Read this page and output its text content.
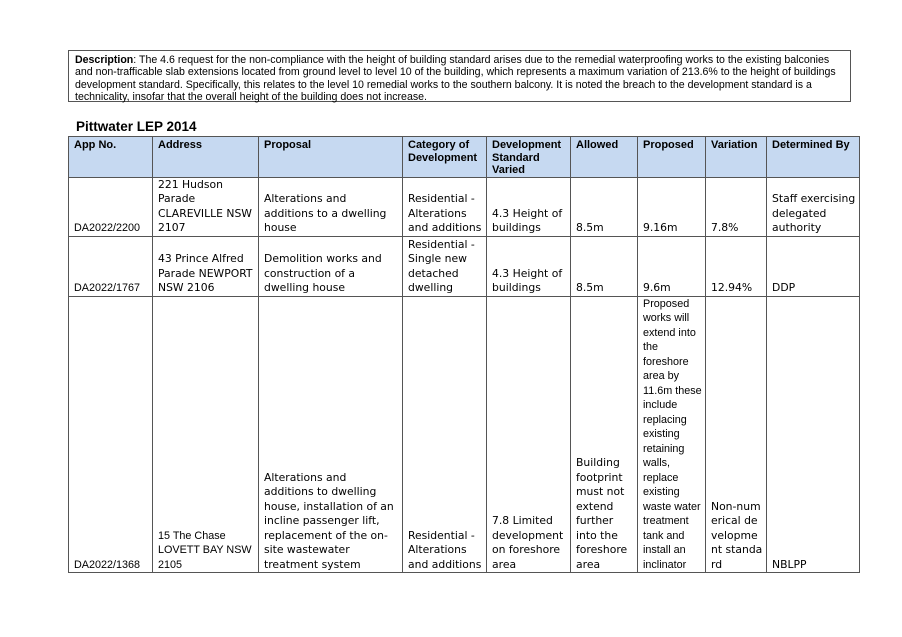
Description: The 4.6 request for the non-compliance with the height of building standard arises due to the remedial waterproofing works to the existing balconies and non-trafficable slab extensions located from ground level to level 10 of the building, which represents a maximum variation of 213.6% to the height of buildings development standard. Specifically, this relates to the level 10 remedial works to the southern balcony. It is noted the breach to the development standard is a technicality, insofar that the overall height of the building does not increase.
Pittwater LEP 2014
App No.	Address	Proposal	Category of Development	Development Standard Varied	Allowed	Proposed	Variation	Determined By
DA2022/2200	221 Hudson Parade CLAREVILLE NSW 2107	Alterations and additions to a dwelling house	Residential - Alterations and additions	4.3 Height of buildings	8.5m	9.16m	7.8%	Staff exercising delegated authority
DA2022/1767	43 Prince Alfred Parade NEWPORT NSW 2106	Demolition works and construction of a dwelling house	Residential - Single new detached dwelling	4.3 Height of buildings	8.5m	9.6m	12.94%	DDP
DA2022/1368	15 The Chase LOVETT BAY NSW 2105	Alterations and additions to dwelling house, installation of an incline passenger lift, replacement of the on-site wastewater treatment system	Residential - Alterations and additions	7.8 Limited development on foreshore area	Building footprint must not extend further into the foreshore area	Proposed works will extend into the foreshore area by 11.6m these include replacing existing retaining walls, replace existing waste water treatment tank and install an inclinator	Non-numerical development standard	NBLPP
